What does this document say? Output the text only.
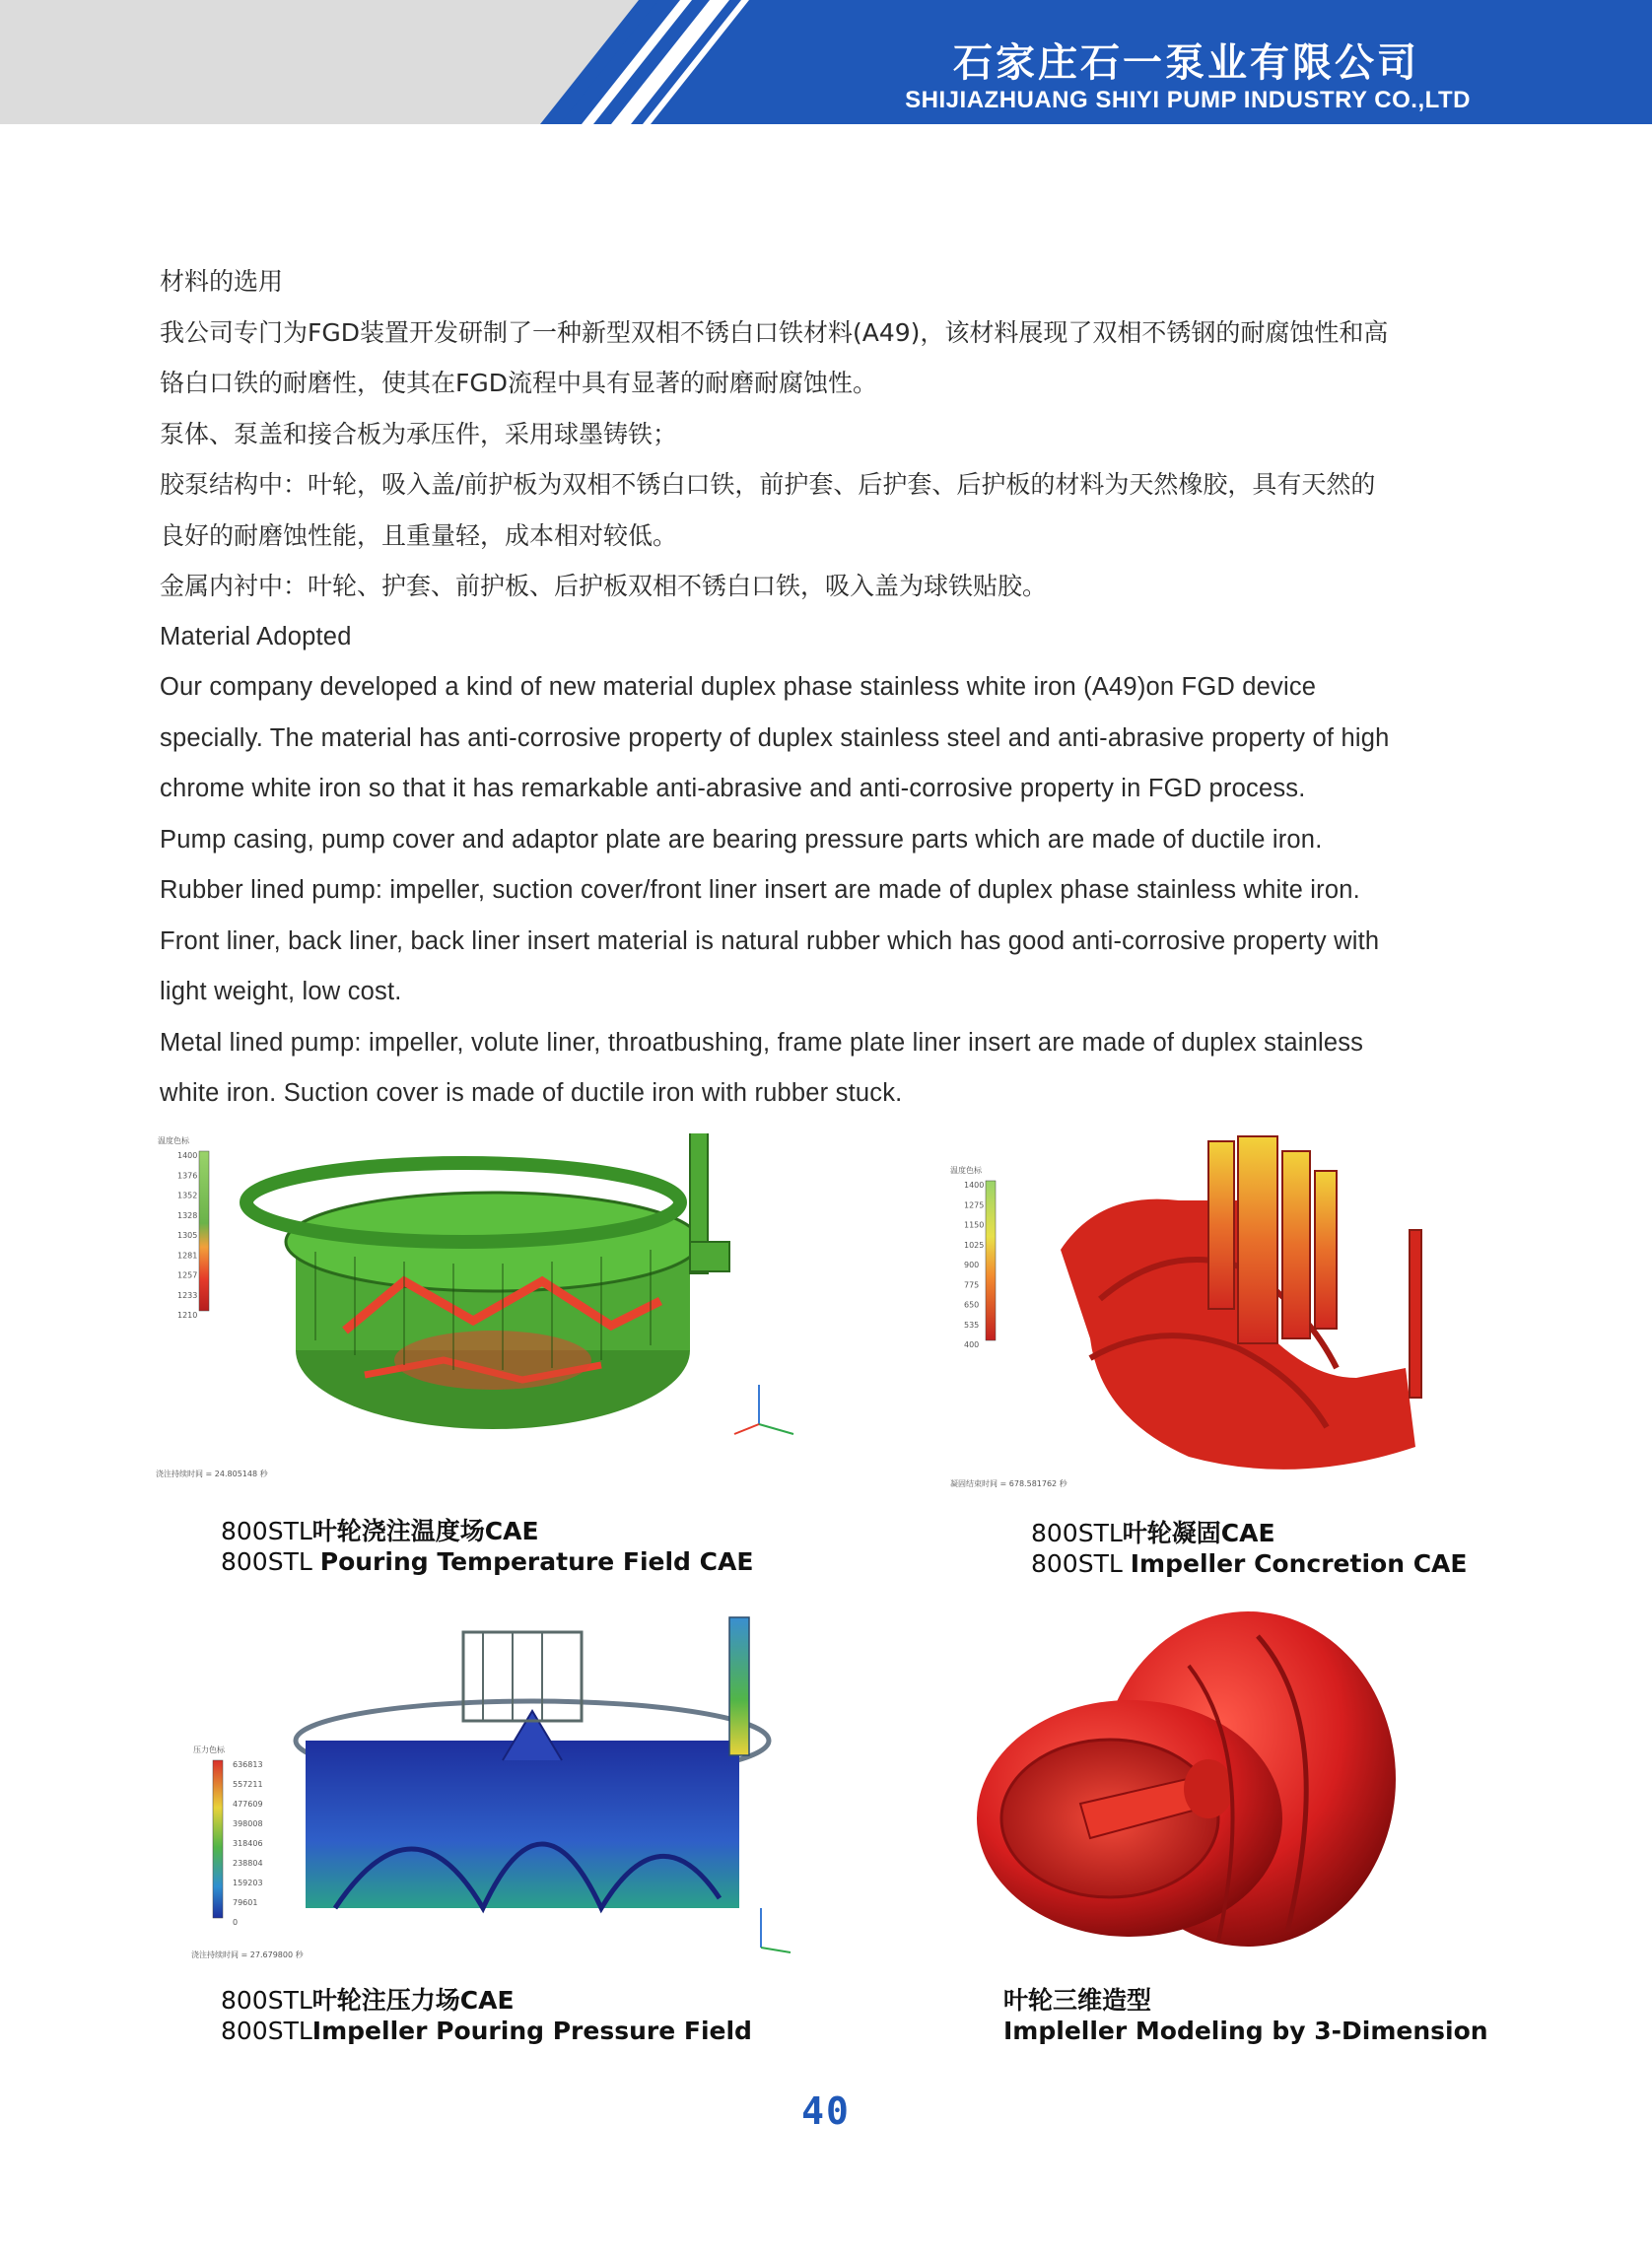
石家庄石一泵业有限公司
SHIJIAZHUANG SHIYI PUMP INDUSTRY CO.,LTD

材料的选用

我公司专门为FGD装置开发研制了一种新型双相不锈白口铁材料(A49)，该材料展现了双相不锈钢的耐腐蚀性和高

铬白口铁的耐磨性，使其在FGD流程中具有显著的耐磨耐腐蚀性。

泵体、泵盖和接合板为承压件，采用球墨铸铁；

胶泵结构中：叶轮，吸入盖/前护板为双相不锈白口铁，前护套、后护套、后护板的材料为天然橡胶，具有天然的

良好的耐磨蚀性能，且重量轻，成本相对较低。

金属内衬中：叶轮、护套、前护板、后护板双相不锈白口铁，吸入盖为球铁贴胶。

Material Adopted

Our company developed a kind of new material duplex phase stainless white iron (A49)on FGD device

specially. The material has anti-corrosive property of duplex stainless steel and anti-abrasive property of high

chrome white iron so that it has remarkable anti-abrasive and anti-corrosive property in FGD process.

Pump casing, pump cover and adaptor plate are bearing pressure parts which are made of ductile iron.

Rubber lined pump: impeller, suction cover/front liner insert are made of duplex phase stainless white iron.

Front liner, back liner, back liner insert material is natural rubber which has good anti-corrosive property with

light weight, low cost.

Metal lined pump: impeller, volute liner, throatbushing, frame plate liner insert are made of duplex stainless

white iron. Suction cover is made of ductile iron with rubber stuck.

温度色标
1400
1376
1352
1328
1305
1281
1257
1233
1210
浇注持续时间 = 24.805148 秒
800STL叶轮浇注温度场CAE
800STL Pouring Temperature Field CAE
温度色标
1400
1275
1150
1025
900
775
650
535
400
凝固结束时间 = 678.581762 秒
800STL叶轮凝固CAE
800STL Impeller Concretion CAE
压力色标
636813
557211
477609
398008
318406
238804
159203
79601
0
浇注持续时间 = 27.679800 秒
800STL叶轮注压力场CAE
800STLImpeller Pouring Pressure Field
叶轮三维造型
Impleller Modeling by 3-Dimension
40
